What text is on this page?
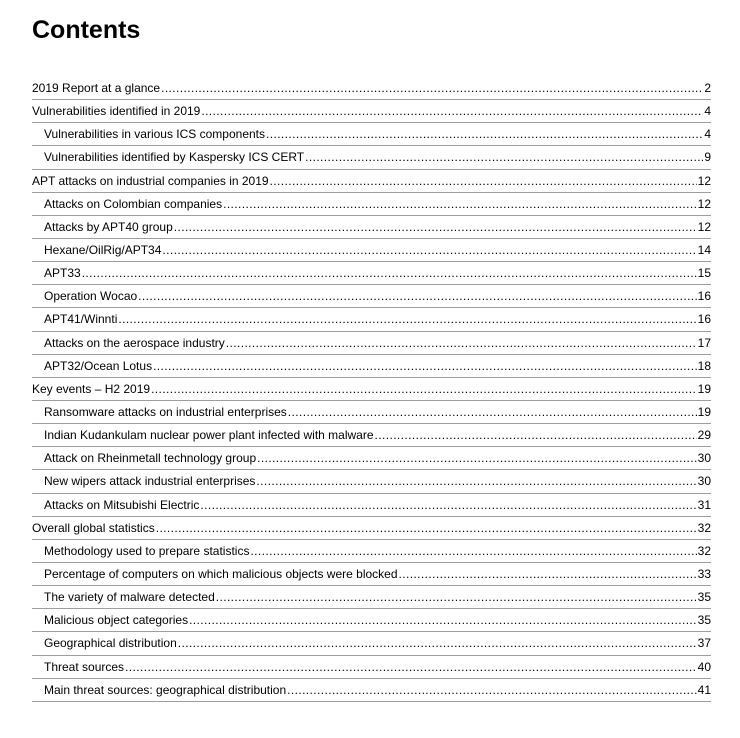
Contents
2019 Report at a glance .....	2
Vulnerabilities identified in 2019 .....	4
Vulnerabilities in various ICS components .....	4
Vulnerabilities identified by Kaspersky ICS CERT .....	9
APT attacks on industrial companies in 2019 .....	12
Attacks on Colombian companies .....	12
Attacks by APT40 group .....	12
Hexane/OilRig/APT34 .....	14
APT33 .....	15
Operation Wocao .....	16
APT41/Winnti .....	16
Attacks on the aerospace industry .....	17
APT32/Ocean Lotus .....	18
Key events – H2 2019 .....	19
Ransomware attacks on industrial enterprises .....	19
Indian Kudankulam nuclear power plant infected with malware .....	29
Attack on Rheinmetall technology group .....	30
New wipers attack industrial enterprises .....	30
Attacks on Mitsubishi Electric .....	31
Overall global statistics .....	32
Methodology used to prepare statistics .....	32
Percentage of computers on which malicious objects were blocked .....	33
The variety of malware detected .....	35
Malicious object categories .....	35
Geographical distribution .....	37
Threat sources .....	40
Main threat sources: geographical distribution .....	41
